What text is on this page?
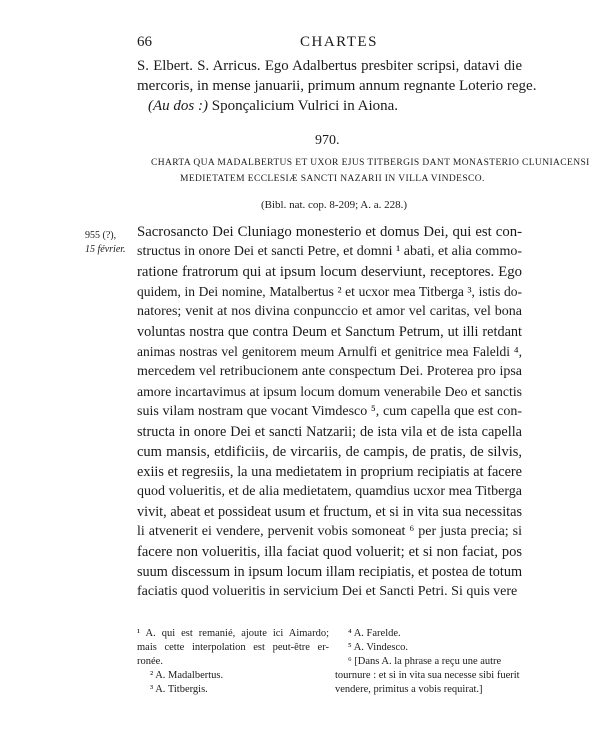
66	CHARTES
S. Elbert. S. Arricus. Ego Adalbertus presbiter scripsi, datavi die
mercoris, in mense januarii, primum annum regnante Loterio rege.
(Au dos :) Sponçalicium Vulrici in Aiona.
970.
CHARTA QUA MADALBERTUS ET UXOR EJUS TITBERGIS DANT MONASTERIO CLUNIACENSI
MEDIETATEM ECCLESIÆ SANCTI NAZARII IN VILLA VINDESCO.
(Bibl. nat. cop. 8-209; A. a. 228.)
955 (?),
15 février.
Sacrosancto Dei Cluniago monesterio et domus Dei, qui est con-
structus in onore Dei et sancti Petre, et domni ¹ abati, et alia commo-
ratione fratrorum qui at ipsum locum deserviunt, receptores. Ego
quidem, in Dei nomine, Matalbertus ² et ucxor mea Titberga ³, istis do-
natores; venit at nos divina conpunccio et amor vel caritas, vel bona
voluntas nostra que contra Deum et Sanctum Petrum, ut illi retdant
animas nostras vel genitorem meum Arnulfi et genitrice mea Faleldi ⁴,
mercedem vel retribucionem ante conspectum Dei. Proterea pro ipsa
amore incartavimus at ipsum locum domum venerabile Deo et sanctis
suis vilam nostram que vocant Vimdesco ⁵, cum capella que est con-
structa in onore Dei et sancti Natzarii; de ista vila et de ista capella
cum mansis, etdificiis, de vircariis, de campis, de pratis, de silvis,
exiis et regresiis, la una medietatem in proprium recipiatis at facere
quod volueritis, et de alia medietatem, quamdius ucxor mea Titberga
vivit, abeat et possideat usum et fructum, et si in vita sua necessitas
li atvenerit ei vendere, pervenit vobis somoneat ⁶ per justa precia; si
facere non volueritis, illa faciat quod voluerit; et si non faciat, pos
suum discessum in ipsum locum illam recipiatis, et postea de totum
faciatis quod volueritis in servicium Dei et Sancti Petri. Si quis vere
¹ A. qui est remanié, ajoute ici Aimardo;
mais cette interpolation est peut-être er-
ronée.
² A. Madalbertus.
³ A. Titbergis.
⁴ A. Farelde.
⁵ A. Vindesco.
⁶ [Dans A. la phrase a reçu une autre
tournure : et si in vita sua necesse sibi fuerit
vendere, primitus a vobis requirat.]
